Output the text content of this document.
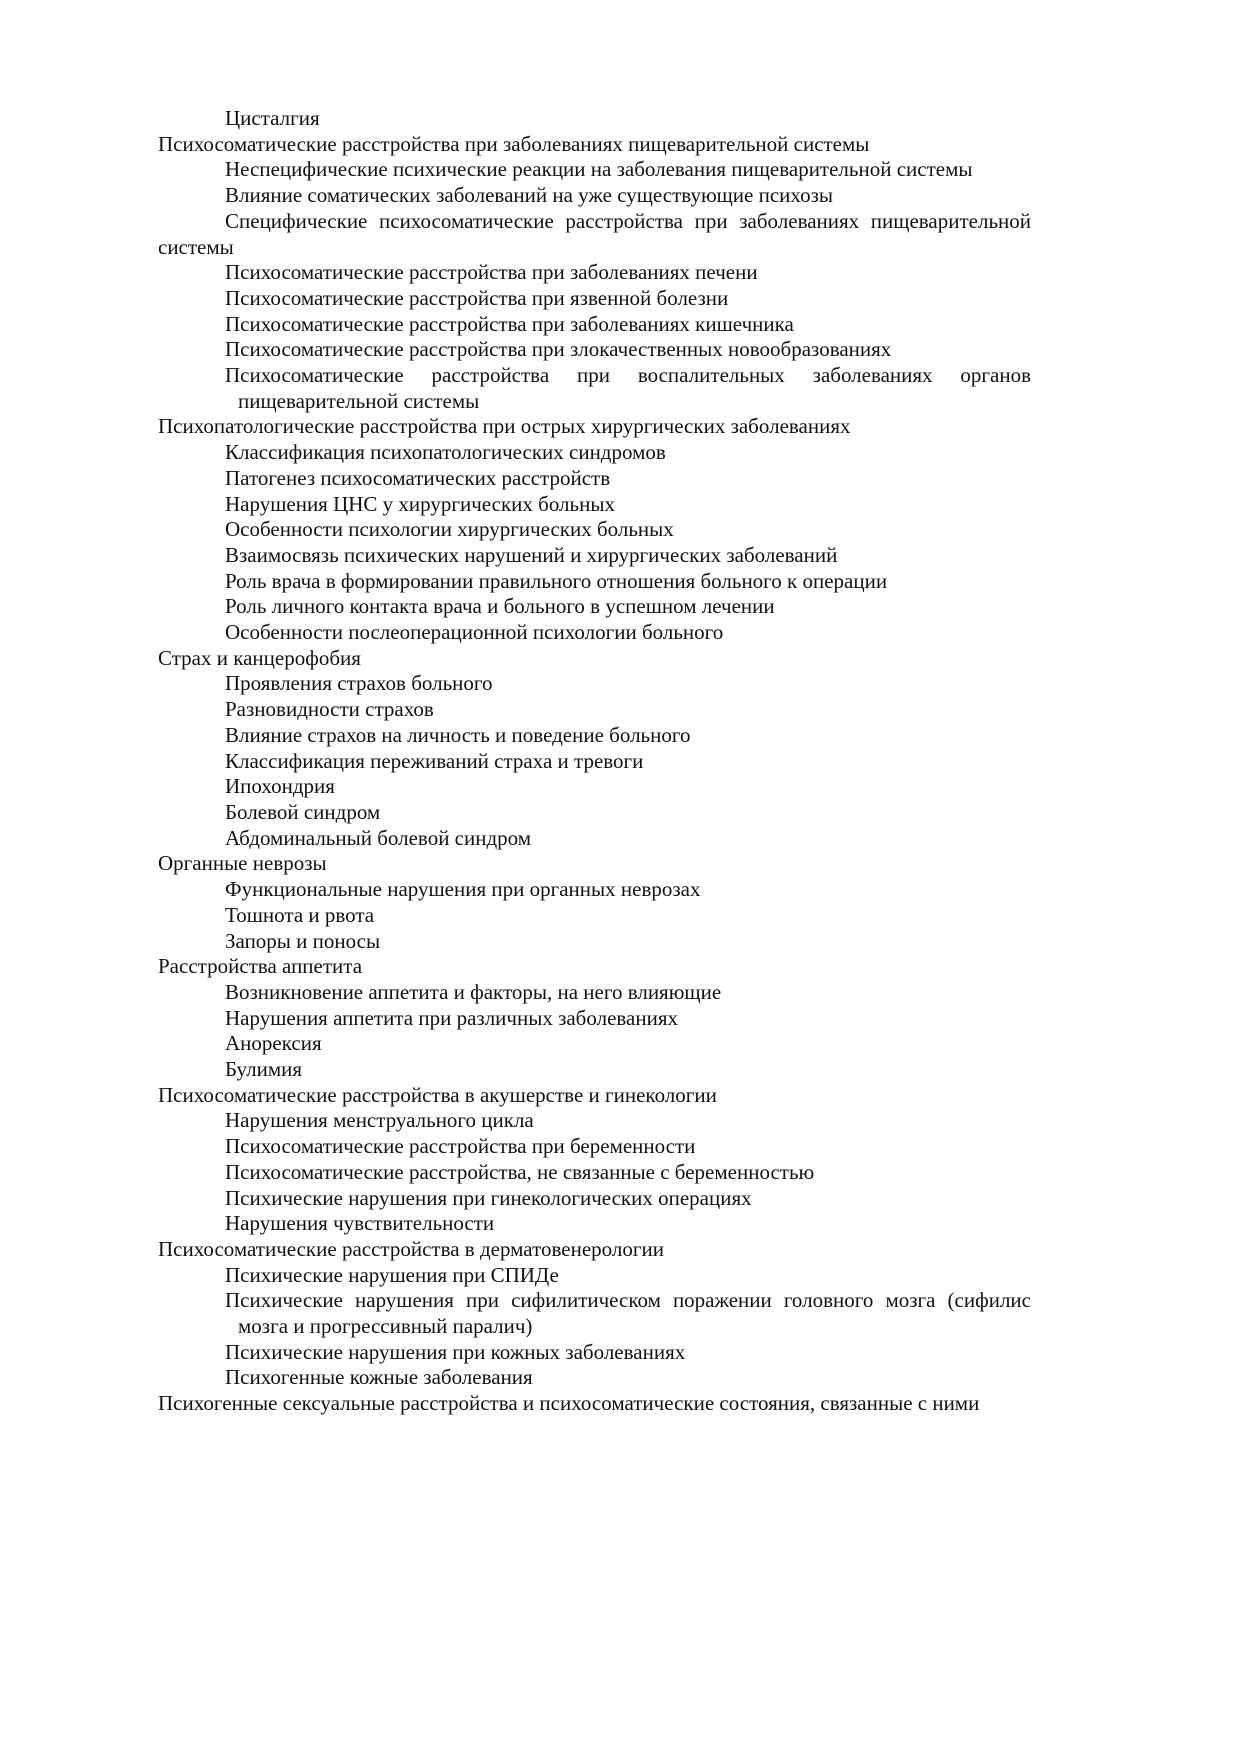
Цисталгия
Психосоматические расстройства при заболеваниях пищеварительной системы
Неспецифические психические реакции на заболевания пищеварительной системы
Влияние соматических заболеваний на уже существующие психозы
Специфические психосоматические расстройства при заболеваниях пищеварительной системы
Психосоматические расстройства при заболеваниях печени
Психосоматические расстройства при язвенной болезни
Психосоматические расстройства при заболеваниях кишечника
Психосоматические расстройства при злокачественных новообразованиях
Психосоматические расстройства при воспалительных заболеваниях органов пищеварительной системы
Психопатологические расстройства при острых хирургических заболеваниях
Классификация психопатологических синдромов
Патогенез психосоматических расстройств
Нарушения ЦНС у хирургических больных
Особенности психологии хирургических больных
Взаимосвязь психических нарушений и хирургических заболеваний
Роль врача в формировании правильного отношения больного к операции
Роль личного контакта врача и больного в успешном лечении
Особенности послеоперационной психологии больного
Страх и канцерофобия
Проявления страхов больного
Разновидности страхов
Влияние страхов на личность и поведение больного
Классификация переживаний страха и тревоги
Ипохондрия
Болевой синдром
Абдоминальный болевой синдром
Органные неврозы
Функциональные нарушения при органных неврозах
Тошнота и рвота
Запоры и поносы
Расстройства аппетита
Возникновение аппетита и факторы, на него влияющие
Нарушения аппетита при различных заболеваниях
Анорексия
Булимия
Психосоматические расстройства в акушерстве и гинекологии
Нарушения менструального цикла
Психосоматические расстройства при беременности
Психосоматические расстройства, не связанные с беременностью
Психические нарушения при гинекологических операциях
Нарушения чувствительности
Психосоматические расстройства в дерматовенерологии
Психические нарушения при СПИДе
Психические нарушения при сифилитическом поражении головного мозга (сифилис мозга и прогрессивный паралич)
Психические нарушения при кожных заболеваниях
Психогенные кожные заболевания
Психогенные сексуальные расстройства и психосоматические состояния, связанные с ними
